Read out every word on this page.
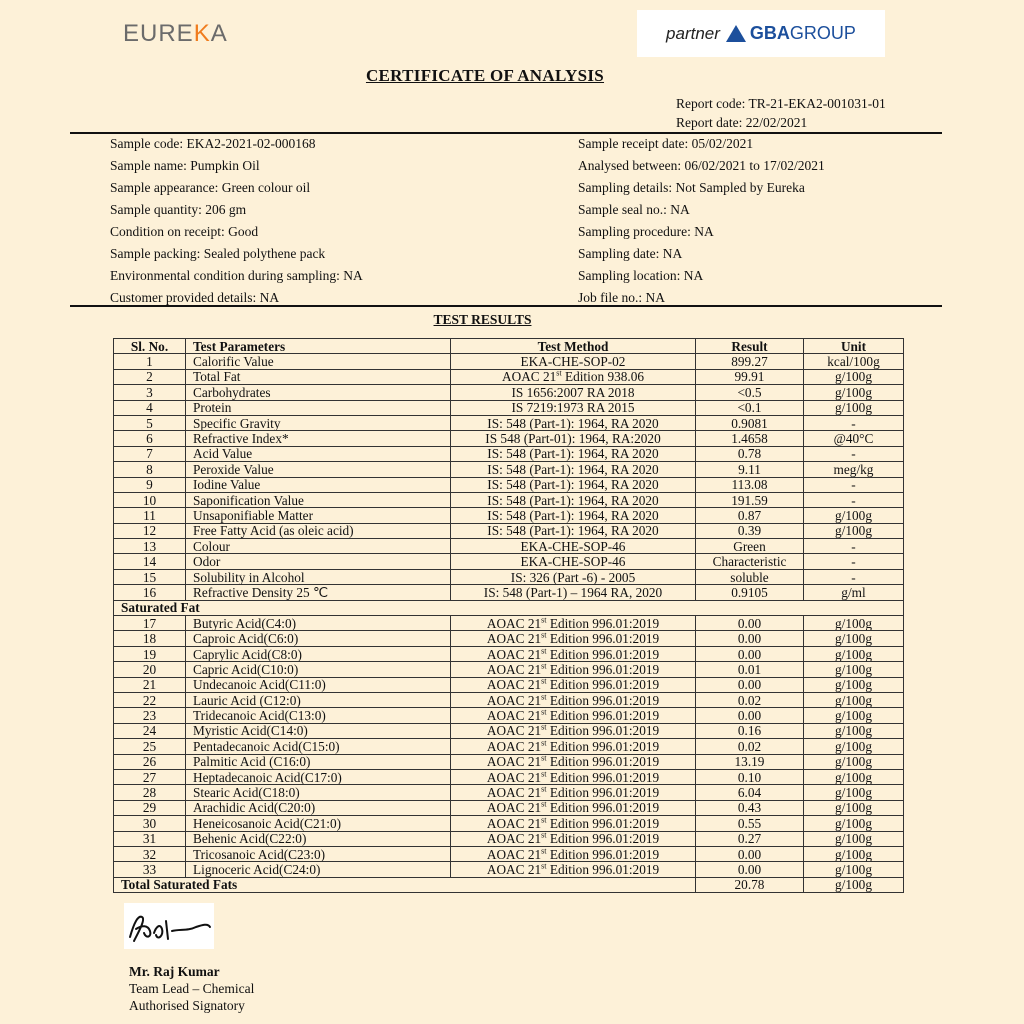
EUREKA	partner GBA GROUP
CERTIFICATE OF ANALYSIS
Report code: TR-21-EKA2-001031-01
Report date: 22/02/2021
Sample code: EKA2-2021-02-000168
Sample name: Pumpkin Oil
Sample appearance: Green colour oil
Sample quantity: 206 gm
Condition on receipt: Good
Sample packing: Sealed polythene pack
Environmental condition during sampling: NA
Customer provided details: NA
Sample receipt date: 05/02/2021
Analysed between: 06/02/2021 to 17/02/2021
Sampling details: Not Sampled by Eureka
Sample seal no.: NA
Sampling procedure: NA
Sampling date: NA
Sampling location: NA
Job file no.: NA
TEST RESULTS
Sl. No.	Test Parameters	Test Method	Result	Unit
1	Calorific Value	EKA-CHE-SOP-02	899.27	kcal/100g
2	Total Fat	AOAC 21st Edition 938.06	99.91	g/100g
3	Carbohydrates	IS 1656:2007 RA 2018	<0.5	g/100g
4	Protein	IS 7219:1973 RA 2015	<0.1	g/100g
5	Specific Gravity	IS: 548 (Part-1): 1964, RA 2020	0.9081	-
6	Refractive Index*	IS 548 (Part-01): 1964, RA:2020	1.4658	@40°C
7	Acid Value	IS: 548 (Part-1): 1964, RA 2020	0.78	-
8	Peroxide Value	IS: 548 (Part-1): 1964, RA 2020	9.11	meg/kg
9	Iodine Value	IS: 548 (Part-1): 1964, RA 2020	113.08	-
10	Saponification Value	IS: 548 (Part-1): 1964, RA 2020	191.59	-
11	Unsaponifiable Matter	IS: 548 (Part-1): 1964, RA 2020	0.87	g/100g
12	Free Fatty Acid (as oleic acid)	IS: 548 (Part-1): 1964, RA 2020	0.39	g/100g
13	Colour	EKA-CHE-SOP-46	Green	-
14	Odor	EKA-CHE-SOP-46	Characteristic	-
15	Solubility in Alcohol	IS: 326 (Part -6) - 2005	soluble	-
16	Refractive Density 25 ℃	IS: 548 (Part-1) – 1964 RA, 2020	0.9105	g/ml
Saturated Fat				
17	Butyric Acid(C4:0)	AOAC 21st Edition 996.01:2019	0.00	g/100g
18	Caproic Acid(C6:0)	AOAC 21st Edition 996.01:2019	0.00	g/100g
19	Caprylic Acid(C8:0)	AOAC 21st Edition 996.01:2019	0.00	g/100g
20	Capric Acid(C10:0)	AOAC 21st Edition 996.01:2019	0.01	g/100g
21	Undecanoic Acid(C11:0)	AOAC 21st Edition 996.01:2019	0.00	g/100g
22	Lauric Acid (C12:0)	AOAC 21st Edition 996.01:2019	0.02	g/100g
23	Tridecanoic Acid(C13:0)	AOAC 21st Edition 996.01:2019	0.00	g/100g
24	Myristic Acid(C14:0)	AOAC 21st Edition 996.01:2019	0.16	g/100g
25	Pentadecanoic Acid(C15:0)	AOAC 21st Edition 996.01:2019	0.02	g/100g
26	Palmitic Acid (C16:0)	AOAC 21st Edition 996.01:2019	13.19	g/100g
27	Heptadecanoic Acid(C17:0)	AOAC 21st Edition 996.01:2019	0.10	g/100g
28	Stearic Acid(C18:0)	AOAC 21st Edition 996.01:2019	6.04	g/100g
29	Arachidic Acid(C20:0)	AOAC 21st Edition 996.01:2019	0.43	g/100g
30	Heneicosanoic Acid(C21:0)	AOAC 21st Edition 996.01:2019	0.55	g/100g
31	Behenic Acid(C22:0)	AOAC 21st Edition 996.01:2019	0.27	g/100g
32	Tricosanoic Acid(C23:0)	AOAC 21st Edition 996.01:2019	0.00	g/100g
33	Lignoceric Acid(C24:0)	AOAC 21st Edition 996.01:2019	0.00	g/100g
Total Saturated Fats			20.78	g/100g
Mr. Raj Kumar
Team Lead – Chemical
Authorised Signatory
